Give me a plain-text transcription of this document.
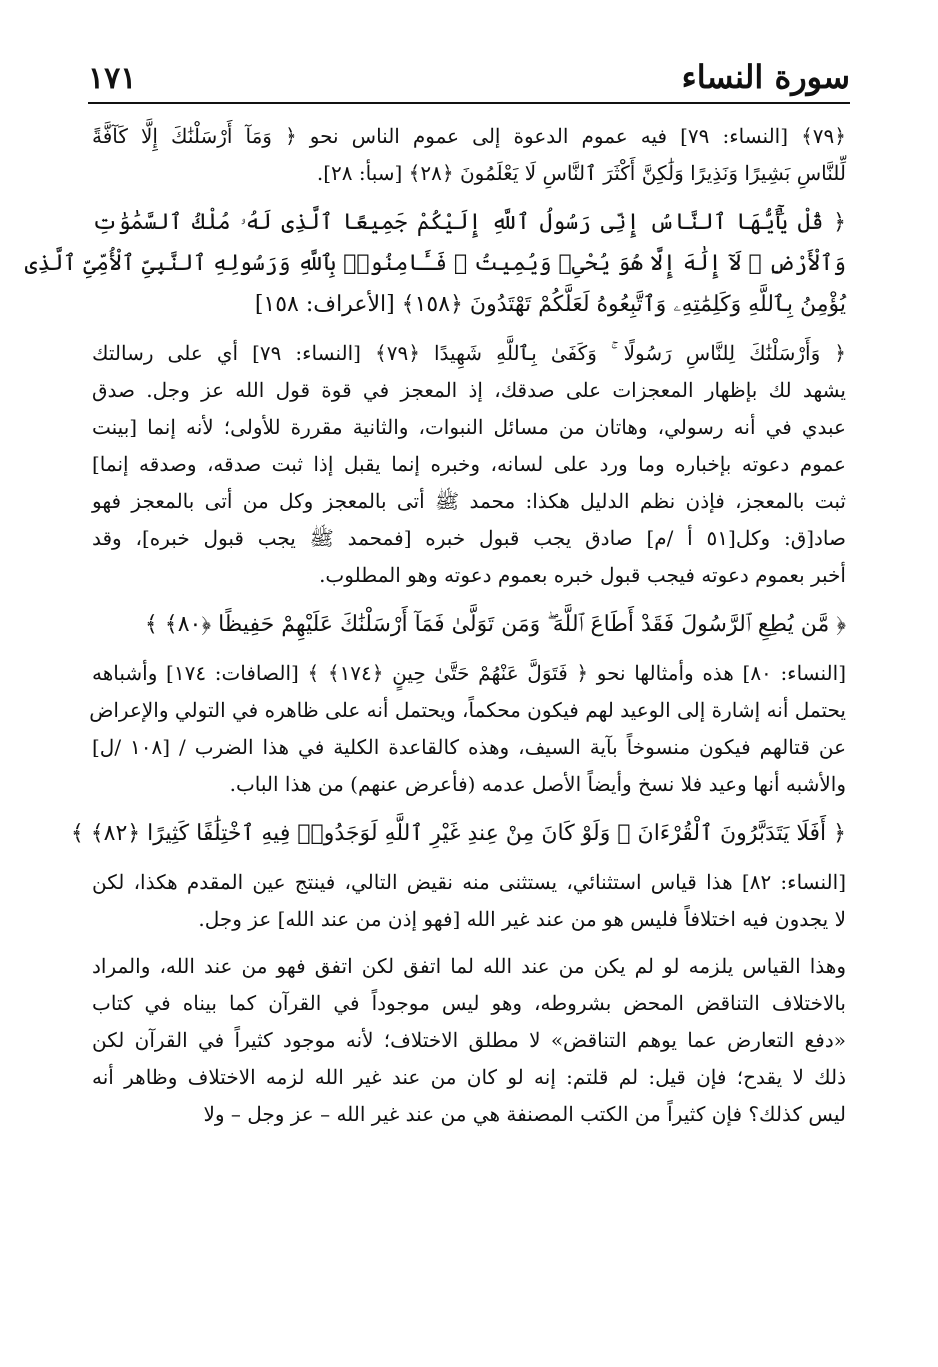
سورة النساء
١٧١
﴿٧٩﴾ [النساء: ٧٩] فيه عموم الدعوة إلى عموم الناس نحو ﴿ وَمَآ أَرْسَلْنَٰكَ إِلَّا كَآفَّةً
لِّلنَّاسِ بَشِيرًا وَنَذِيرًا وَلَٰكِنَّ أَكْثَرَ ٱلنَّاسِ لَا يَعْلَمُونَ ﴿٢٨﴾ [سبأ: ٢٨].
﴿ قُلْ يَٰٓأَيُّهَا ٱلنَّاسُ إِنِّى رَسُولُ ٱللَّهِ إِلَيْكُمْ جَمِيعًا ٱلَّذِى لَهُۥ مُلْكُ ٱلسَّمَٰوَٰتِ
وَٱلْأَرْضِ ۖ لَآ إِلَٰهَ إِلَّا هُوَ يُحْىِۦ وَيُمِيتُ ۖ فَـَٔامِنُوا۟ بِٱللَّهِ وَرَسُولِهِ ٱلنَّبِىِّ ٱلْأُمِّىِّ ٱلَّذِى
يُؤْمِنُ بِٱللَّهِ وَكَلِمَٰتِهِۦ وَٱتَّبِعُوهُ لَعَلَّكُمْ تَهْتَدُونَ ﴿١٥٨﴾ [الأعراف: ١٥٨]
﴿ وَأَرْسَلْنَٰكَ لِلنَّاسِ رَسُولًا ۚ وَكَفَىٰ بِٱللَّهِ شَهِيدًا ﴿٧٩﴾ [النساء: ٧٩] أي على رسالتك
يشهد لك بإظهار المعجزات على صدقك، إذ المعجز في قوة قول الله عز وجل. صدق
عبدي في أنه رسولي، وهاتان من مسائل النبوات، والثانية مقررة للأولى؛ لأنه إنما [بينت
عموم دعوته بإخباره وما ورد على لسانه، وخبره إنما يقبل إذا ثبت صدقه، وصدقه إنما]
ثبت بالمعجز، فإذن نظم الدليل هكذا: محمد ﷺ أتى بالمعجز وكل من أتى بالمعجز فهو
صاد[ق: وكل[٥١ أ /م] صادق يجب قبول خبره [فمحمد ﷺ يجب قبول خبره]، وقد
أخبر بعموم دعوته فيجب قبول خبره بعموم دعوته وهو المطلوب.
﴿ مَّن يُطِعِ ٱلرَّسُولَ فَقَدْ أَطَاعَ ٱللَّهَ ۖ وَمَن تَوَلَّىٰ فَمَآ أَرْسَلْنَٰكَ عَلَيْهِمْ حَفِيظًا ﴿٨٠﴾ ﴾
[النساء: ٨٠] هذه وأمثالها نحو ﴿ فَتَوَلَّ عَنْهُمْ حَتَّىٰ حِينٍ ﴿١٧٤﴾ ﴾ [الصافات: ١٧٤] وأشباهه
يحتمل أنه إشارة إلى الوعيد لهم فيكون محكماً، ويحتمل أنه على ظاهره في التولي والإعراض
عن قتالهم فيكون منسوخاً بآية السيف، وهذه كالقاعدة الكلية في هذا الضرب / [١٠٨ /ل]
والأشبه أنها وعيد فلا نسخ وأيضاً الأصل عدمه (فأعرض عنهم) من هذا الباب.
﴿ أَفَلَا يَتَدَبَّرُونَ ٱلْقُرْءَانَ ۚ وَلَوْ كَانَ مِنْ عِندِ غَيْرِ ٱللَّهِ لَوَجَدُوا۟ فِيهِ ٱخْتِلَٰفًا كَثِيرًا ﴿٨٢﴾ ﴾
[النساء: ٨٢] هذا قياس استثنائي، يستثنى منه نقيض التالي، فينتج عين المقدم هكذا، لكن
لا يجدون فيه اختلافاً فليس هو من عند غير الله [فهو إذن من عند الله] عز وجل.
وهذا القياس يلزمه لو لم يكن من عند الله لما اتفق لكن اتفق فهو من عند الله، والمراد
بالاختلاف التناقض المحض بشروطه، وهو ليس موجوداً في القرآن كما بيناه في كتاب
«دفع التعارض عما يوهم التناقض» لا مطلق الاختلاف؛ لأنه موجود كثيراً في القرآن لكن
ذلك لا يقدح؛ فإن قيل: لم قلتم: إنه لو كان من عند غير الله لزمه الاختلاف وظاهر أنه
ليس كذلك؟ فإن كثيراً من الكتب المصنفة هي من عند غير الله – عز وجل – ولا
